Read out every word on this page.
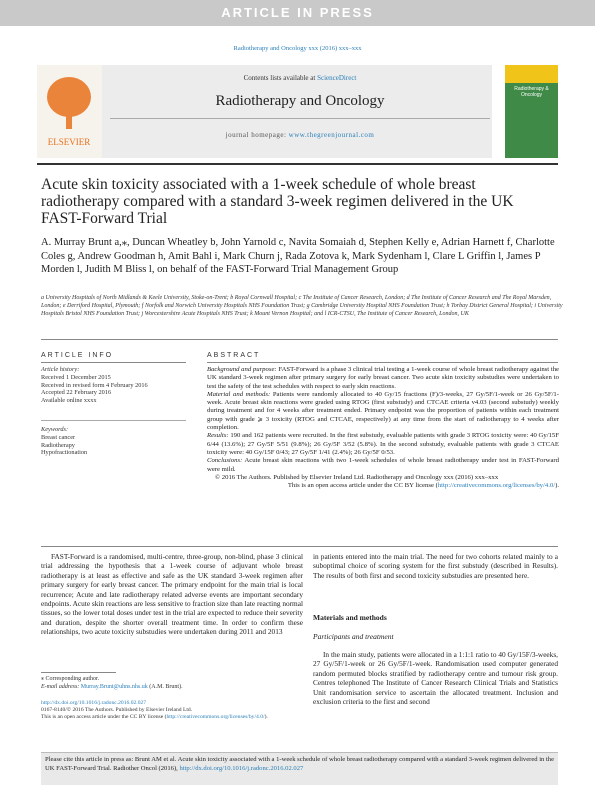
ARTICLE IN PRESS
Radiotherapy and Oncology xxx (2016) xxx–xxx
ELSEVIER
Contents lists available at ScienceDirect
Radiotherapy and Oncology
journal homepage: www.thegreenjournal.com
Radiotherapy & Oncology
Acute skin toxicity associated with a 1-week schedule of whole breast radiotherapy compared with a standard 3-week regimen delivered in the UK FAST-Forward Trial
A. Murray Brunt a,⁎, Duncan Wheatley b, John Yarnold c, Navita Somaiah d, Stephen Kelly e, Adrian Harnett f, Charlotte Coles g, Andrew Goodman h, Amit Bahl i, Mark Churn j, Rada Zotova k, Mark Sydenham l, Clare L Griffin l, James P Morden l, Judith M Bliss l, on behalf of the FAST-Forward Trial Management Group
a University Hospitals of North Midlands & Keele University, Stoke-on-Trent; b Royal Cornwall Hospital; c The Institute of Cancer Research, London; d The Institute of Cancer Research and The Royal Marsden, London; e Derriford Hospital, Plymouth; f Norfolk and Norwich University Hospitals NHS Foundation Trust; g Cambridge University Hospital NHS Foundation Trust; h Torbay District General Hospital; i University Hospitals Bristol NHS Foundation Trust; j Worcestershire Acute Hospitals NHS Trust; k Mount Vernon Hospital; and l ICR-CTSU, The Institute of Cancer Research, London, UK
ARTICLE INFO	ABSTRACT
Article history:
Received 1 December 2015
Received in revised form 4 February 2016
Accepted 22 February 2016
Available online xxxx
Keywords:
Breast cancer
Radiotherapy
Hypofractionation

Background and purpose: FAST-Forward is a phase 3 clinical trial testing a 1-week course of whole breast radiotherapy against the UK standard 3-week regimen after primary surgery for early breast cancer. Two acute skin toxicity substudies were undertaken to test the safety of the test schedules with respect to early skin reactions.

Material and methods: Patients were randomly allocated to 40 Gy/15 fractions (F)/3-weeks, 27 Gy/5F/1-week or 26 Gy/5F/1-week. Acute breast skin reactions were graded using RTOG (first substudy) and CTCAE criteria v4.03 (second substudy) weekly during treatment and for 4 weeks after treatment ended. Primary endpoint was the proportion of patients within each treatment group with grade ⩾ 3 toxicity (RTOG and CTCAE, respectively) at any time from the start of radiotherapy to 4 weeks after completion.

Results: 190 and 162 patients were recruited. In the first substudy, evaluable patients with grade 3 RTOG toxicity were: 40 Gy/15F 6/44 (13.6%); 27 Gy/5F 5/51 (9.8%); 26 Gy/5F 3/52 (5.8%). In the second substudy, evaluable patients with grade 3 CTCAE toxicity were: 40 Gy/15F 0/43; 27 Gy/5F 1/41 (2.4%); 26 Gy/5F 0/53.

Conclusions: Acute breast skin reactions with two 1-week schedules of whole breast radiotherapy under test in FAST-Forward were mild.

© 2016 The Authors. Published by Elsevier Ireland Ltd. Radiotherapy and Oncology xxx (2016) xxx–xxx

This is an open access article under the CC BY license (http://creativecommons.org/licenses/by/4.0/).

FAST-Forward is a randomised, multi-centre, three-group, non-blind, phase 3 clinical trial addressing the hypothesis that a 1-week course of adjuvant whole breast radiotherapy is at least as effective and safe as the UK standard 3-week regimen after primary surgery for early breast cancer. The primary endpoint for the main trial is local recurrence; Acute and late radiotherapy related adverse events are important secondary endpoints. Acute skin reactions are less sensitive to fraction size than late reacting normal tissues, so the lower total doses under test in the trial are expected to reduce their severity and duration, despite the shorter overall treatment time. In order to confirm these relationships, two acute toxicity substudies were undertaken during 2011 and 2013

in patients entered into the main trial. The need for two cohorts related mainly to a suboptimal choice of scoring system for the first substudy (described in Results). The results of both first and second toxicity substudies are presented here.

Materials and methods
Participants and treatment

In the main study, patients were allocated in a 1:1:1 ratio to 40 Gy/15F/3-weeks, 27 Gy/5F/1-week or 26 Gy/5F/1-week. Randomisation used computer generated random permuted blocks stratified by radiotherapy centre and tumour risk group. Centres telephoned The Institute of Cancer Research Clinical Trials and Statistics Unit randomisation service to ascertain the allocated treatment. Inclusion and exclusion criteria to the first and second

⁎ Corresponding author.
E-mail address: Murray.Brunt@uhns.nhs.uk (A.M. Brunt).
http://dx.doi.org/10.1016/j.radonc.2016.02.027
0167-8140/© 2016 The Authors. Published by Elsevier Ireland Ltd.
This is an open access article under the CC BY license (http://creativecommons.org/licenses/by/4.0/).
Please cite this article in press as: Brunt AM et al. Acute skin toxicity associated with a 1-week schedule of whole breast radiotherapy compared with a standard 3-week regimen delivered in the UK FAST-Forward Trial. Radiother Oncol (2016), http://dx.doi.org/10.1016/j.radonc.2016.02.027
